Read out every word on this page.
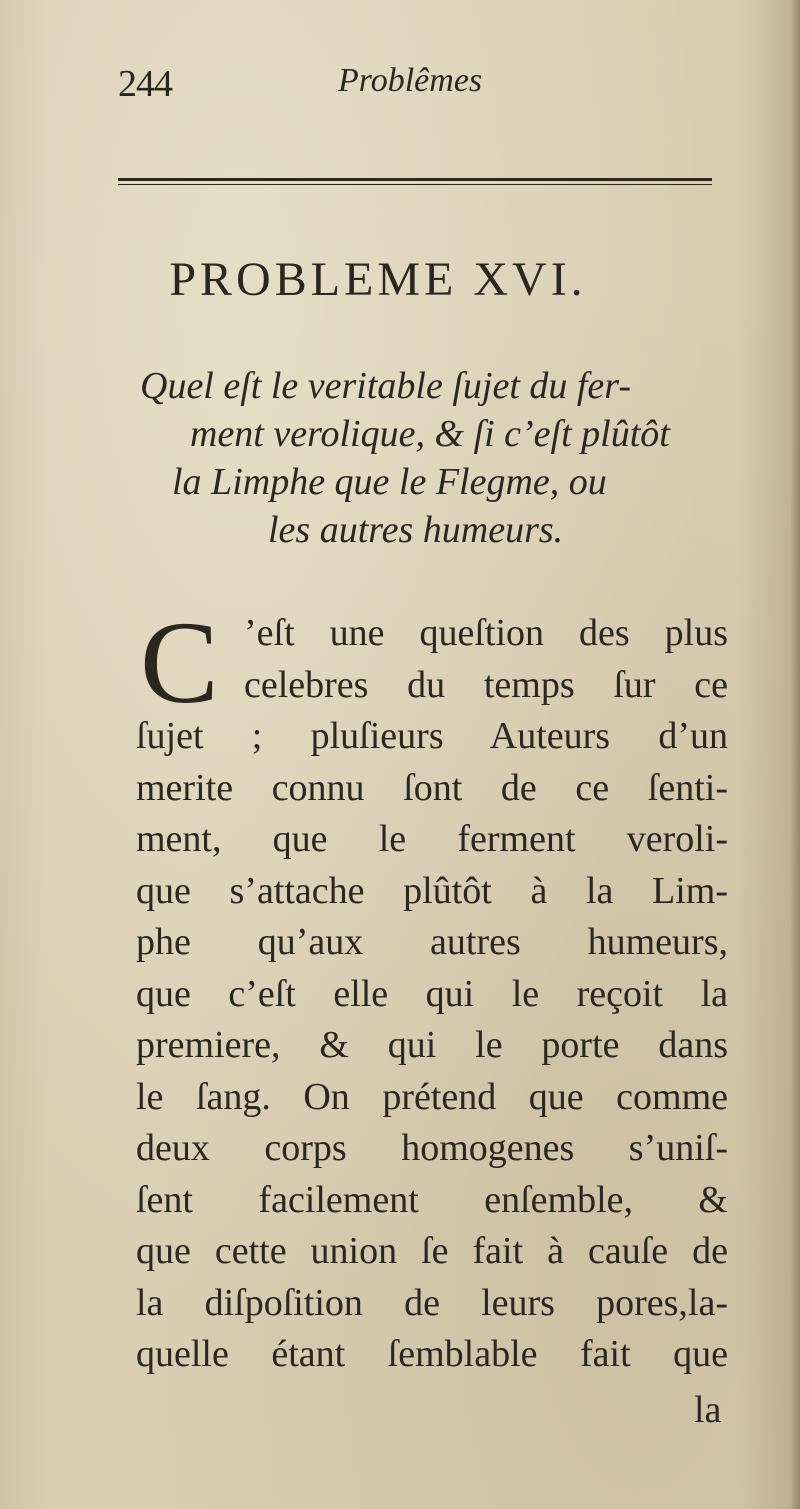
244	Problêmes
PROBLEME XVI.
Quel eſt le veritable ſujet du fer-
ment verolique, & ſi c’eſt plûtôt
la Limphe que le Flegme, ou
les autres humeurs.
C ’eſt une queſtion des plus
celebres du temps ſur ce
ſujet ; pluſieurs Auteurs d’un
merite connu ſont de ce ſenti-
ment, que le ferment veroli-
que s’attache plûtôt à la Lim-
phe qu’aux autres humeurs,
que c’eſt elle qui le reçoit la
premiere, & qui le porte dans
le ſang. On prétend que comme
deux corps homogenes s’uniſ-
ſent facilement enſemble, &
que cette union ſe fait à cauſe de
la diſpoſition de leurs pores,la-
quelle étant ſemblable fait que
la
